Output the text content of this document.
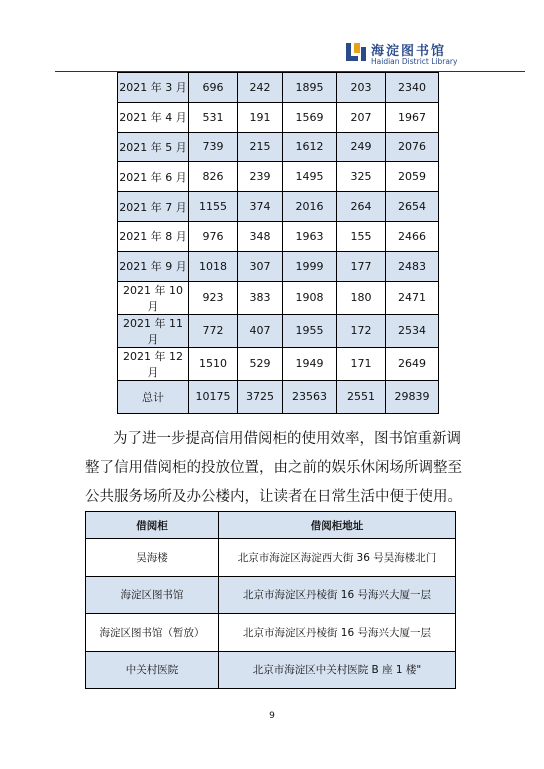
海淀图书馆
Haidian District Library
2021 年 3 月	696	242	1895	203	2340
2021 年 4 月	531	191	1569	207	1967
2021 年 5 月	739	215	1612	249	2076
2021 年 6 月	826	239	1495	325	2059
2021 年 7 月	1155	374	2016	264	2654
2021 年 8 月	976	348	1963	155	2466
2021 年 9 月	1018	307	1999	177	2483
2021 年 10 月	923	383	1908	180	2471
2021 年 11 月	772	407	1955	172	2534
2021 年 12 月	1510	529	1949	171	2649
总计	10175	3725	23563	2551	29839
为了进一步提高信用借阅柜的使用效率，图书馆重新调整了信用借阅柜的投放位置，由之前的娱乐休闲场所调整至公共服务场所及办公楼内，让读者在日常生活中便于使用。
借阅柜	借阅柜地址
昊海楼	北京市海淀区海淀西大街 36 号昊海楼北门
海淀区图书馆	北京市海淀区丹棱街 16 号海兴大厦一层
海淀区图书馆（暂放）	北京市海淀区丹棱街 16 号海兴大厦一层
中关村医院	北京市海淀区中关村医院 B 座 1 楼"
9
